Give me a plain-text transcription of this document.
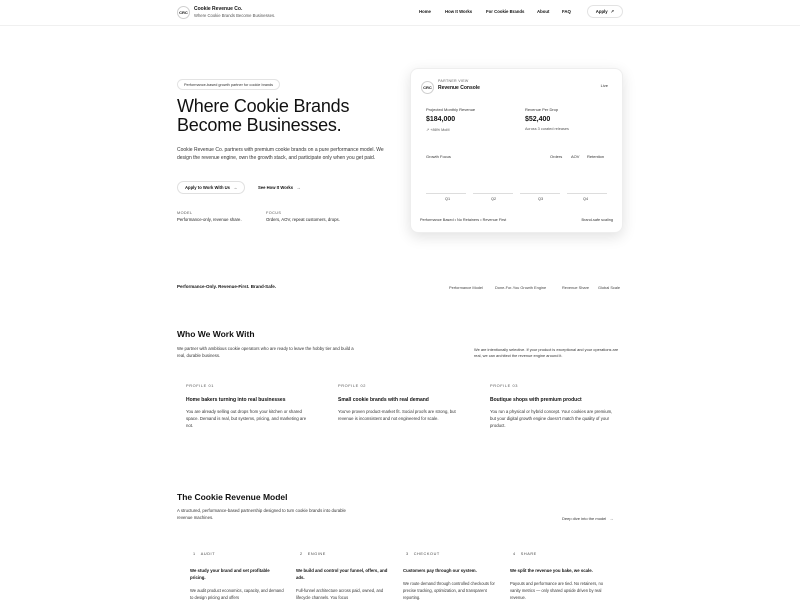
CRC
Cookie Revenue Co.
Where Cookie Brands Become Businesses.
Home	How It Works	For Cookie Brands	About	FAQ	Apply ↗
Performance-based growth partner for cookie brands
Where Cookie Brands Become Businesses.

Cookie Revenue Co. partners with premium cookie brands on a pure performance model. We design the revenue engine, own the growth stack, and participate only when you get paid.

Apply to Work With Us →	See How It Works →
MODEL
Performance-only, revenue share.
FOCUS
Orders, AOV, repeat customers, drops.
CRC
PARTNER VIEW
Revenue Console	Live
Projected Monthly Revenue
$184,000
↗ +86% MoM
Revenue Per Drop
$52,400
Across 3 curated releases
Growth Focus	Orders AOV Retention
Q1	Q2	Q3	Q4
Performance Based • No Retainers • Revenue First	Brand-safe scaling
Performance-Only. Revenue-First. Brand-Safe.	Performance Model	Done-For-You Growth Engine	Revenue Share Global Scale
Who We Work With

We partner with ambitious cookie operators who are ready to leave the hobby tier and build a real, durable business.

We are intentionally selective. If your product is exceptional and your operations are real, we can architect the revenue engine around it.

PROFILE 01
Home bakers turning into real businesses
You are already selling out drops from your kitchen or shared space. Demand is real, but systems, pricing, and marketing are not.
PROFILE 02
Small cookie brands with real demand
You've proven product-market fit. Social proofs are strong, but revenue is inconsistent and not engineered for scale.
PROFILE 03
Boutique shops with premium product
You run a physical or hybrid concept. Your cookies are premium, but your digital growth engine doesn't match the quality of your product.
The Cookie Revenue Model

A structured, performance-based partnership designed to turn cookie brands into durable revenue machines.	Deep dive into the model →
1 AUDIT
We study your brand and set profitable pricing.
We audit product economics, capacity, and demand to design pricing and offers
2 ENGINE
We build and control your funnel, offers, and ads.
Full-funnel architecture across paid, owned, and lifecycle channels. You focus
3 CHECKOUT
Customers pay through our system.
We route demand through controlled checkouts for precise tracking, optimization, and transparent reporting.
4 SHARE
We split the revenue you bake, we scale.
Payouts and performance are tied. No retainers, no vanity metrics — only shared upside driven by real revenue.
